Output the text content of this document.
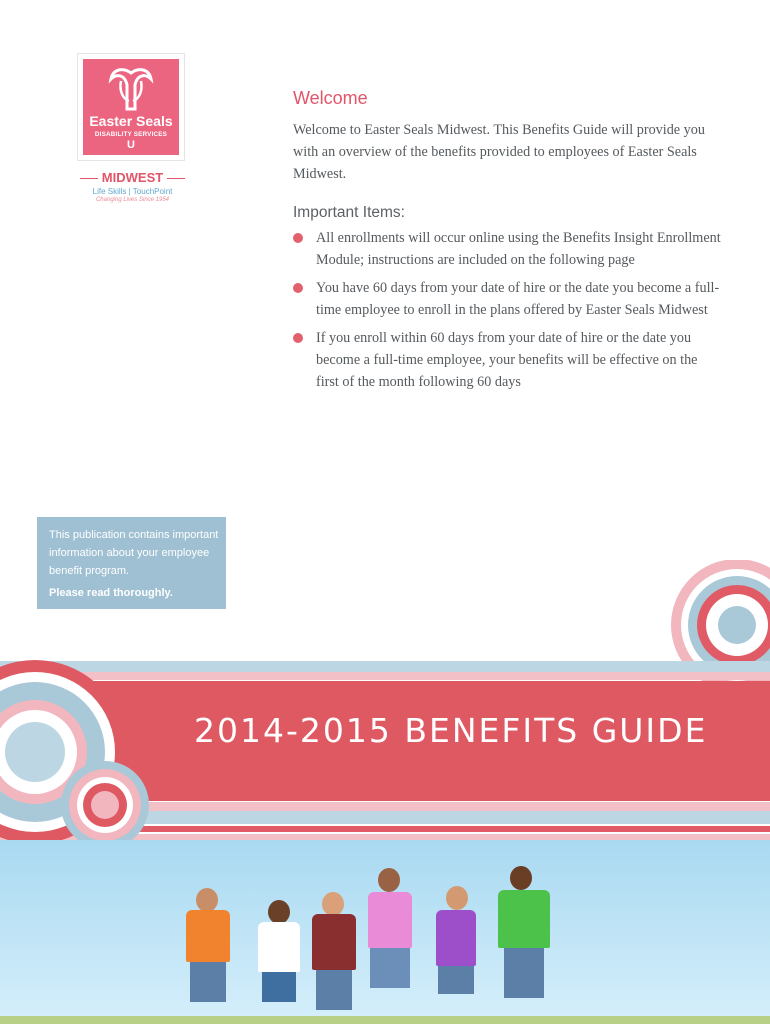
Easter Seals
DISABILITY SERVICES
U
MIDWEST
Life Skills | TouchPoint
Changing Lives Since 1954
Welcome

Welcome to Easter Seals Midwest. This Benefits Guide will provide you with an overview of the benefits provided to employees of Easter Seals Midwest.

Important Items:
All enrollments will occur online using the Benefits Insight Enrollment Module; instructions are included on the following page
You have 60 days from your date of hire or the date you become a full-time employee to enroll in the plans offered by Easter Seals Midwest
If you enroll within 60 days from your date of hire or the date you become a full-time employee, your benefits will be effective on the first of the month following 60 days

This publication contains important information about your employee benefit program.

Please read thoroughly.

2014-2015 BENEFITS GUIDE
